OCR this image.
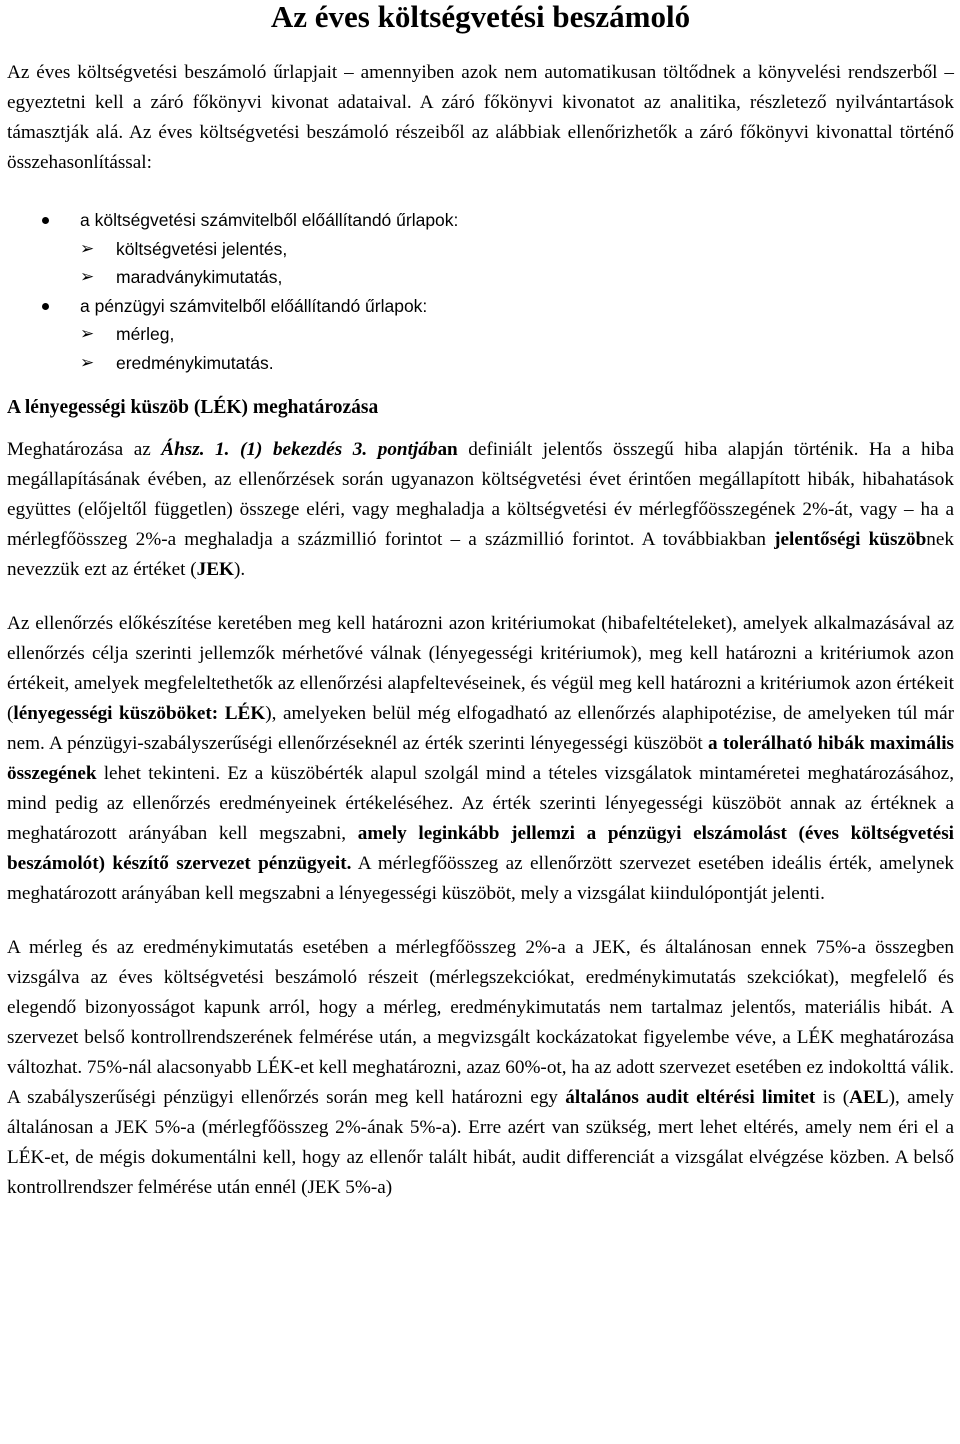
Az éves költségvetési beszámoló

Az éves költségvetési beszámoló űrlapjait – amennyiben azok nem automatikusan töltődnek a könyvelési rendszerből – egyeztetni kell a záró főkönyvi kivonat adataival. A záró főkönyvi kivonatot az analitika, részletező nyilvántartások támasztják alá. Az éves költségvetési beszámoló részeiből az alábbiak ellenőrizhetők a záró főkönyvi kivonattal történő összehasonlítással:

a költségvetési számvitelből előállítandó űrlapok:
➢ költségvetési jelentés,
➢ maradványkimutatás,
a pénzügyi számvitelből előállítandó űrlapok:
➢ mérleg,
➢ eredménykimutatás.
A lényegességi küszöb (LÉK) meghatározása

Meghatározása az Áhsz. 1. (1) bekezdés 3. pontjában definiált jelentős összegű hiba alapján történik. Ha a hiba megállapításának évében, az ellenőrzések során ugyanazon költségvetési évet érintően megállapított hibák, hibahatások együttes (előjeltől független) összege eléri, vagy meghaladja a költségvetési év mérlegfőösszegének 2%-át, vagy – ha a mérlegfőösszeg 2%-a meghaladja a százmillió forintot – a százmillió forintot. A továbbiakban jelentőségi küszöbnek nevezzük ezt az értéket (JEK).

Az ellenőrzés előkészítése keretében meg kell határozni azon kritériumokat (hibafeltételeket), amelyek alkalmazásával az ellenőrzés célja szerinti jellemzők mérhetővé válnak (lényegességi kritériumok), meg kell határozni a kritériumok azon értékeit, amelyek megfeleltethetők az ellenőrzési alapfeltevéseinek, és végül meg kell határozni a kritériumok azon értékeit (lényegességi küszöböket: LÉK), amelyeken belül még elfogadható az ellenőrzés alaphipotézise, de amelyeken túl már nem. A pénzügyi-szabályszerűségi ellenőrzéseknél az érték szerinti lényegességi küszöböt a tolerálható hibák maximális összegének lehet tekinteni. Ez a küszöbérték alapul szolgál mind a tételes vizsgálatok mintaméretei meghatározásához, mind pedig az ellenőrzés eredményeinek értékeléséhez. Az érték szerinti lényegességi küszöböt annak az értéknek a meghatározott arányában kell megszabni, amely leginkább jellemzi a pénzügyi elszámolást (éves költségvetési beszámolót) készítő szervezet pénzügyeit. A mérlegfőösszeg az ellenőrzött szervezet esetében ideális érték, amelynek meghatározott arányában kell megszabni a lényegességi küszöböt, mely a vizsgálat kiindulópontját jelenti.

A mérleg és az eredménykimutatás esetében a mérlegfőösszeg 2%-a a JEK, és általánosan ennek 75%-a összegben vizsgálva az éves költségvetési beszámoló részeit (mérlegszekciókat, eredménykimutatás szekciókat), megfelelő és elegendő bizonyosságot kapunk arról, hogy a mérleg, eredménykimutatás nem tartalmaz jelentős, materiális hibát. A szervezet belső kontrollrendszerének felmérése után, a megvizsgált kockázatokat figyelembe véve, a LÉK meghatározása változhat. 75%-nál alacsonyabb LÉK-et kell meghatározni, azaz 60%-ot, ha az adott szervezet esetében ez indokolttá válik. A szabályszerűségi pénzügyi ellenőrzés során meg kell határozni egy általános audit eltérési limitet is (AEL), amely általánosan a JEK 5%-a (mérlegfőösszeg 2%-ának 5%-a). Erre azért van szükség, mert lehet eltérés, amely nem éri el a LÉK-et, de mégis dokumentálni kell, hogy az ellenőr talált hibát, audit differenciát a vizsgálat elvégzése közben. A belső kontrollrendszer felmérése után ennél (JEK 5%-a)
